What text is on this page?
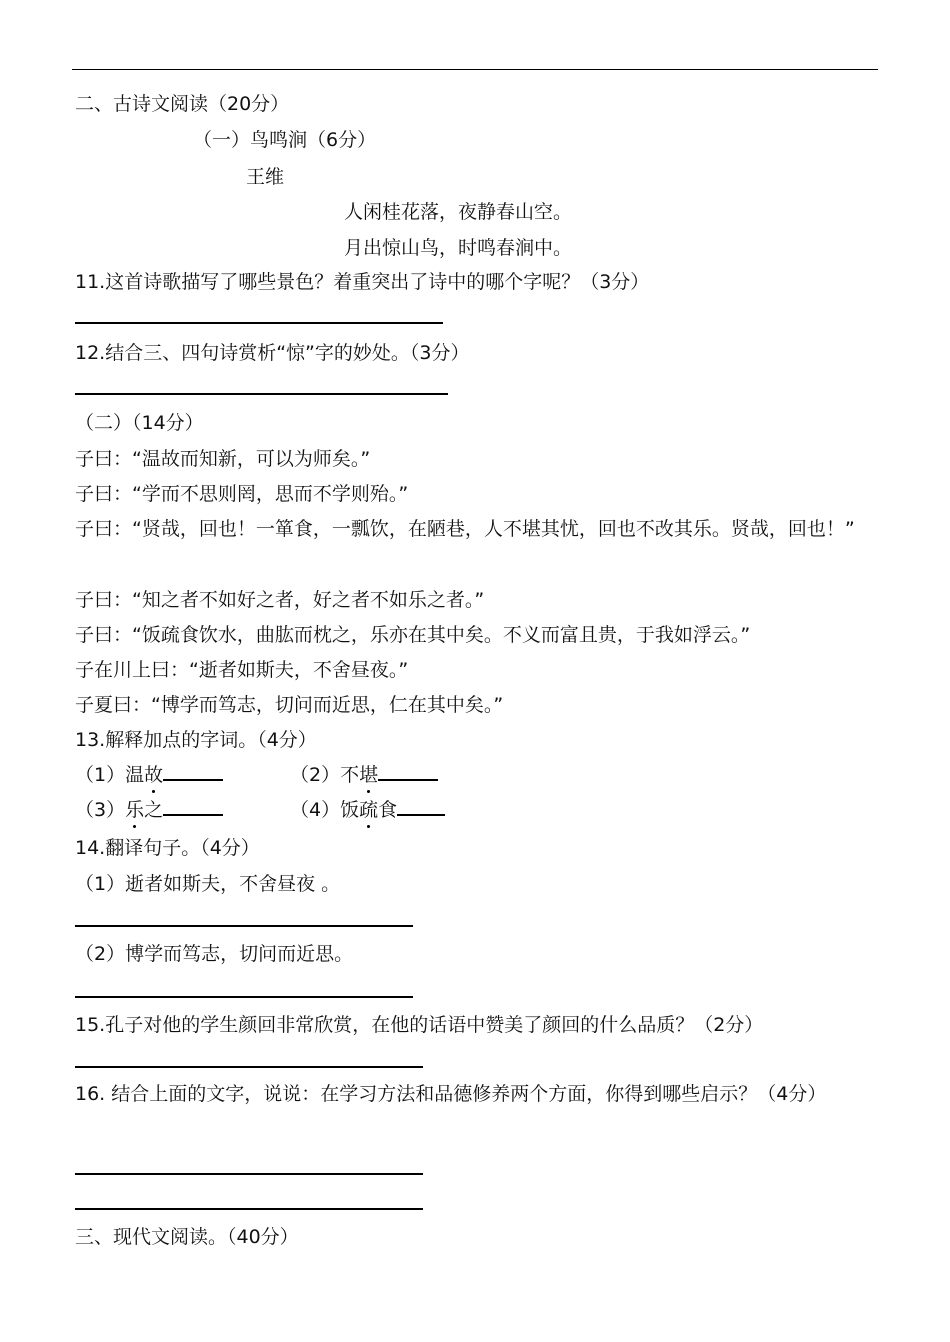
二、古诗文阅读（20分）
（一）鸟鸣涧（6分）
王维
人闲桂花落，夜静春山空。
月出惊山鸟，时鸣春涧中。
11.这首诗歌描写了哪些景色？着重突出了诗中的哪个字呢？（3分）
12.结合三、四句诗赏析“惊”字的妙处。（3分）
（二）（14分）
子曰：“温故而知新，可以为师矣。”
子曰：“学而不思则罔，思而不学则殆。”
子曰：“贤哉，回也！一箪食，一瓢饮，在陋巷，人不堪其忧，回也不改其乐。贤哉，回也！”
子曰：“知之者不如好之者，好之者不如乐之者。”
子曰：“饭疏食饮水，曲肱而枕之，乐亦在其中矣。不义而富且贵，于我如浮云。”
子在川上曰：“逝者如斯夫，不舍昼夜。”
子夏曰：“博学而笃志，切问而近思，仁在其中矣。”
13.解释加点的字词。（4分）
（1）温故	（2）不堪
（3）乐之	（4）饭疏食
14.翻译句子。（4分）
（1）逝者如斯夫，不舍昼夜 。
（2）博学而笃志，切问而近思。
15.孔子对他的学生颜回非常欣赏，在他的话语中赞美了颜回的什么品质？（2分）
16. 结合上面的文字，说说：在学习方法和品德修养两个方面，你得到哪些启示？（4分）
三、现代文阅读。（40分）
